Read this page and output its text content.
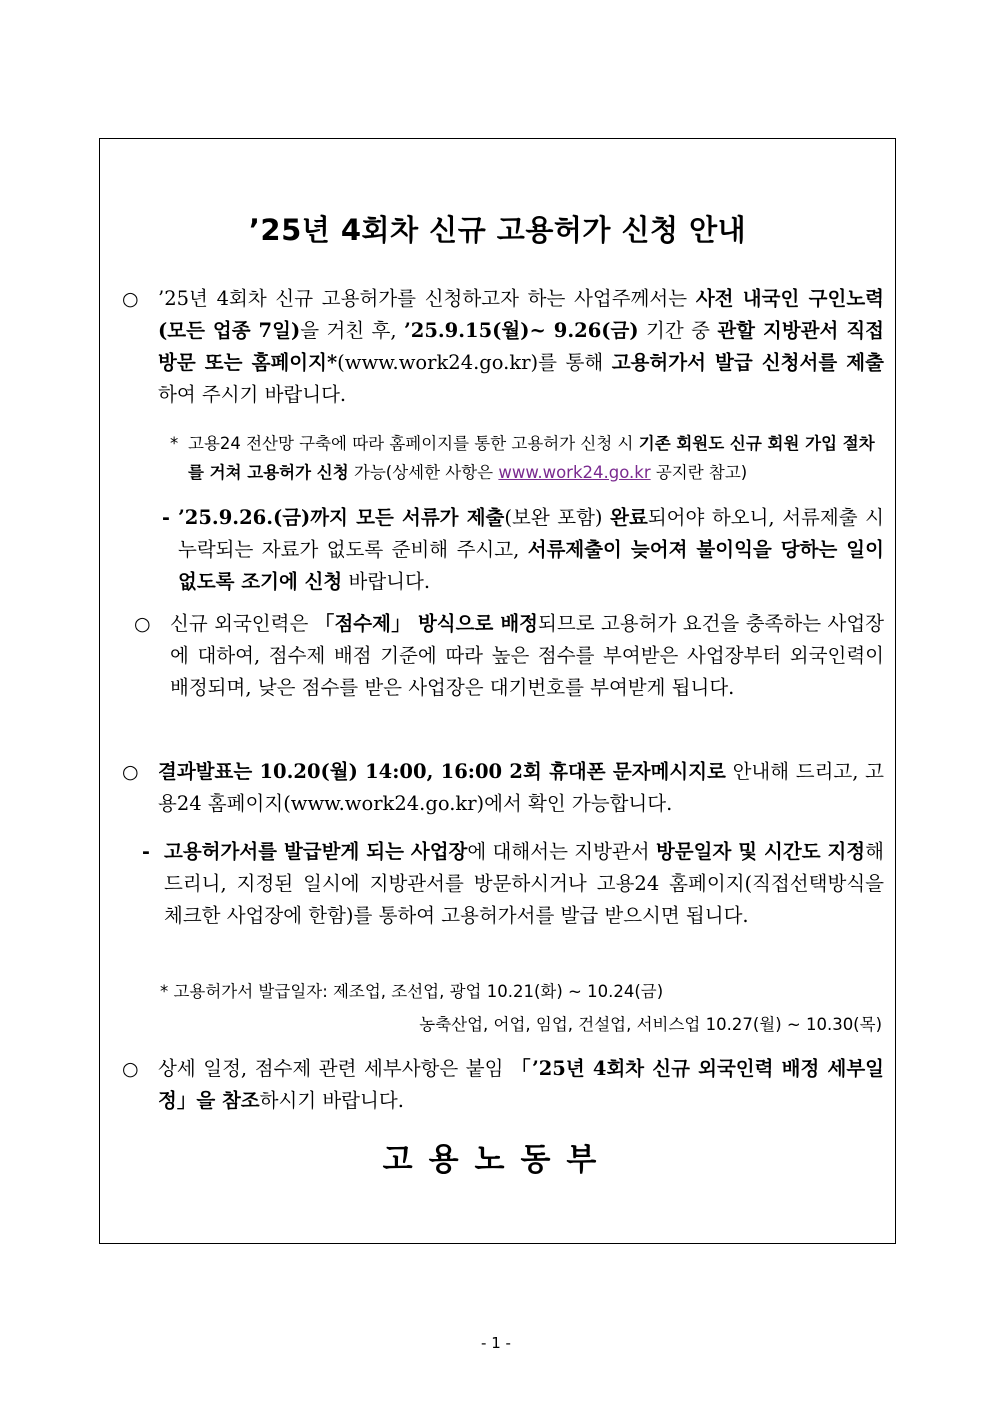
’25년 4회차 신규 고용허가 신청 안내
○ ’25년 4회차 신규 고용허가를 신청하고자 하는 사업주께서는 사전 내국인 구인노력(모든 업종 7일)을 거친 후, ’25.9.15(월)~ 9.26(금) 기간 중 관할 지방관서 직접방문 또는 홈페이지*(www.work24.go.kr)를 통해 고용허가서 발급 신청서를 제출하여 주시기 바랍니다.
* 고용24 전산망 구축에 따라 홈페이지를 통한 고용허가 신청 시 기존 회원도 신규 회원 가입 절차를 거쳐 고용허가 신청 가능(상세한 사항은 www.work24.go.kr 공지란 참고)
- ’25.9.26.(금)까지 모든 서류가 제출(보완 포함) 완료되어야 하오니, 서류제출 시 누락되는 자료가 없도록 준비해 주시고, 서류제출이 늦어져 불이익을 당하는 일이 없도록 조기에 신청 바랍니다.
○ 신규 외국인력은 「점수제」 방식으로 배정되므로 고용허가 요건을 충족하는 사업장에 대하여, 점수제 배점 기준에 따라 높은 점수를 부여받은 사업장부터 외국인력이 배정되며, 낮은 점수를 받은 사업장은 대기번호를 부여받게 됩니다.
○ 결과발표는 10.20(월) 14:00, 16:00 2회 휴대폰 문자메시지로 안내해 드리고, 고용24 홈페이지(www.work24.go.kr)에서 확인 가능합니다.
- 고용허가서를 발급받게 되는 사업장에 대해서는 지방관서 방문일자 및 시간도 지정해 드리니, 지정된 일시에 지방관서를 방문하시거나 고용24 홈페이지(직접선택방식을 체크한 사업장에 한함)를 통하여 고용허가서를 발급 받으시면 됩니다.
* 고용허가서 발급일자: 제조업, 조선업, 광업 10.21(화) ~ 10.24(금)
농축산업, 어업, 임업, 건설업, 서비스업 10.27(월) ~ 10.30(목)
○ 상세 일정, 점수제 관련 세부사항은 붙임 「’25년 4회차 신규 외국인력 배정 세부일정」을 참조하시기 바랍니다.
고용노동부
- 1 -
